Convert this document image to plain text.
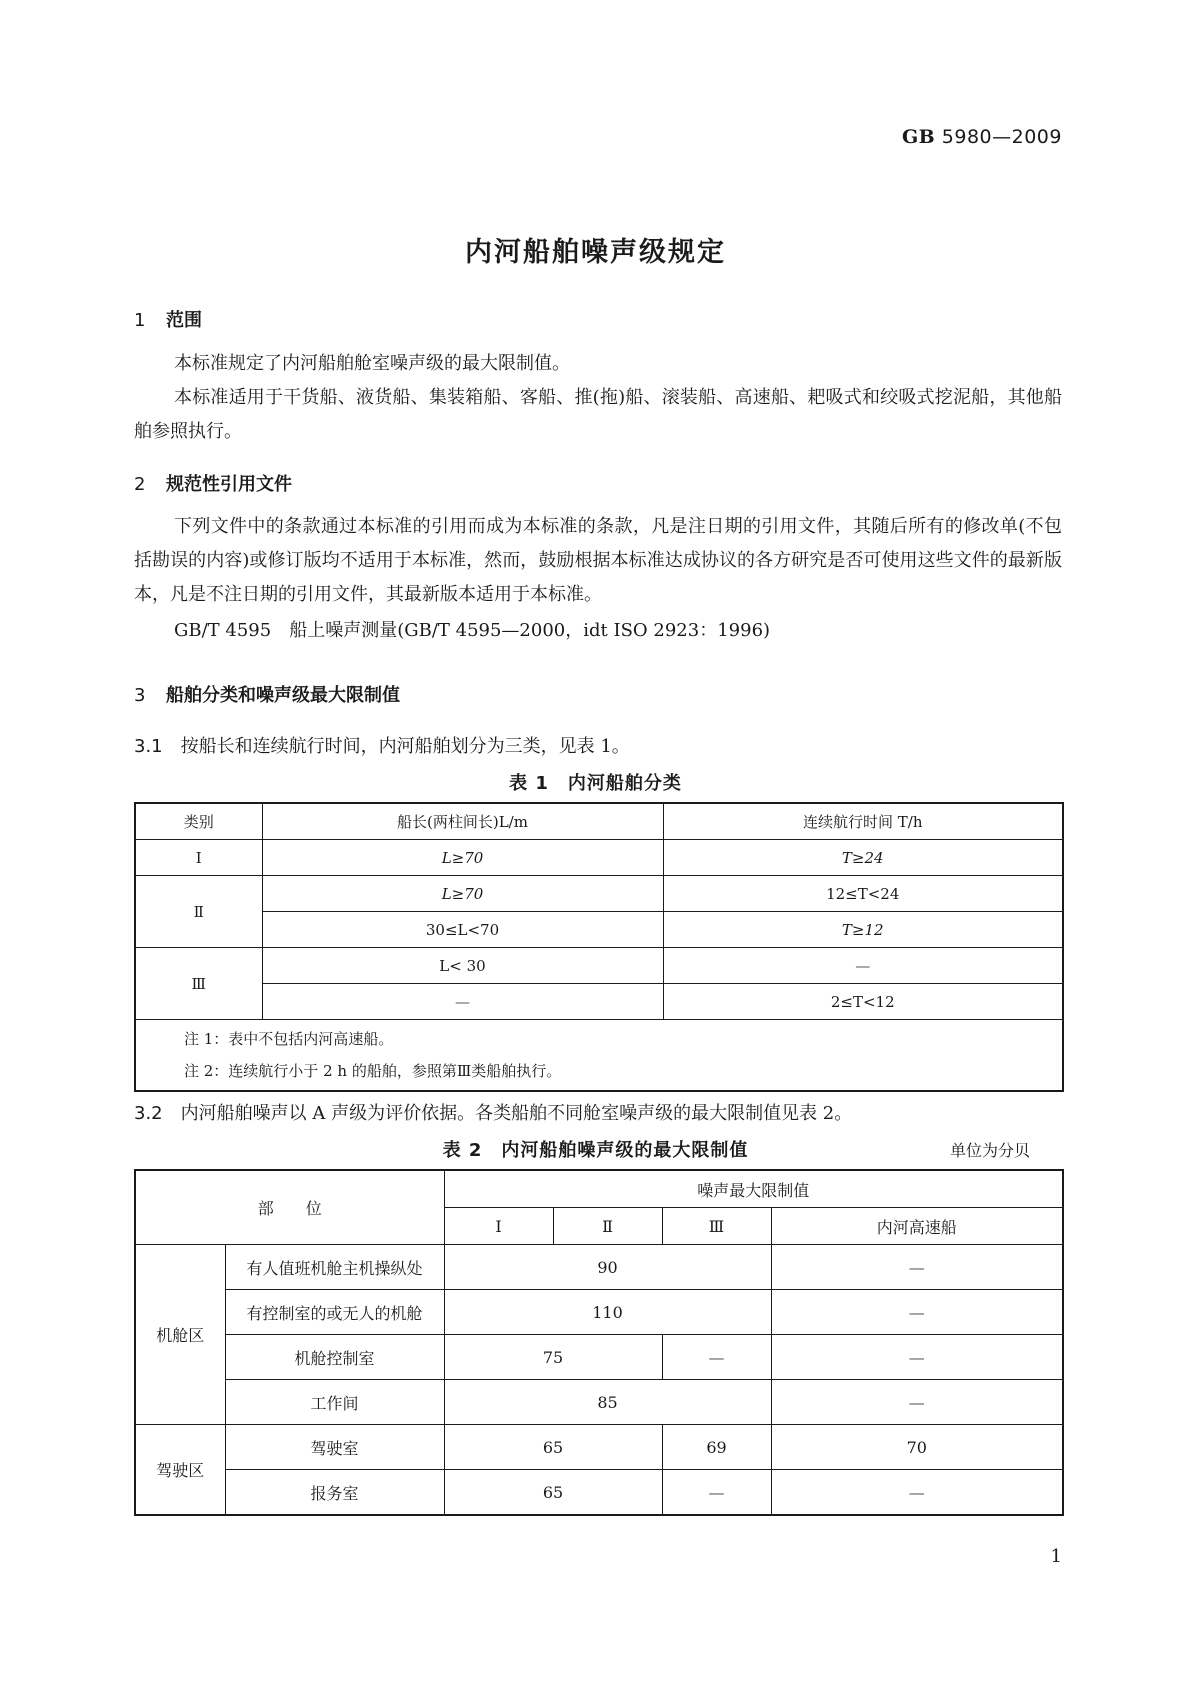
GB 5980—2009
内河船舶噪声级规定
1 范围
本标准规定了内河船舶舱室噪声级的最大限制值。
本标准适用于干货船、液货船、集装箱船、客船、推(拖)船、滚装船、高速船、耙吸式和绞吸式挖泥船，其他船舶参照执行。
2 规范性引用文件
下列文件中的条款通过本标准的引用而成为本标准的条款，凡是注日期的引用文件，其随后所有的修改单(不包括勘误的内容)或修订版均不适用于本标准，然而，鼓励根据本标准达成协议的各方研究是否可使用这些文件的最新版本，凡是不注日期的引用文件，其最新版本适用于本标准。
GB/T 4595　船上噪声测量(GB/T 4595—2000，idt ISO 2923：1996)
3 船舶分类和噪声级最大限制值
3.1　 按船长和连续航行时间，内河船舶划分为三类，见表 1。
表 1　内河船舶分类
类别	船长(两柱间长)L/m	连续航行时间 T/h
Ⅰ	L≥70	T≥24
Ⅱ	L≥70	12≤T<24
	30≤L<70	T≥12
Ⅲ	L< 30	—
	—	2≤T<12

注 1：表中不包括内河高速船。
注 2：连续航行小于 2 h 的船舶，参照第Ⅲ类船舶执行。		
3.2　 内河船舶噪声以 A 声级为评价依据。各类船舶不同舱室噪声级的最大限制值见表 2。
表 2　内河船舶噪声级的最大限制值	单位为分贝
部　　位		噪声最大限制值			
		Ⅰ	Ⅱ	Ⅲ	内河高速船
机舱区	有人值班机舱主机操纵处	90			—
	有控制室的或无人的机舱	110			—
	机舱控制室	75		—	—
	工作间	85			—
驾驶区	驾驶室	65		69	70
	报务室	65		—	—
1
